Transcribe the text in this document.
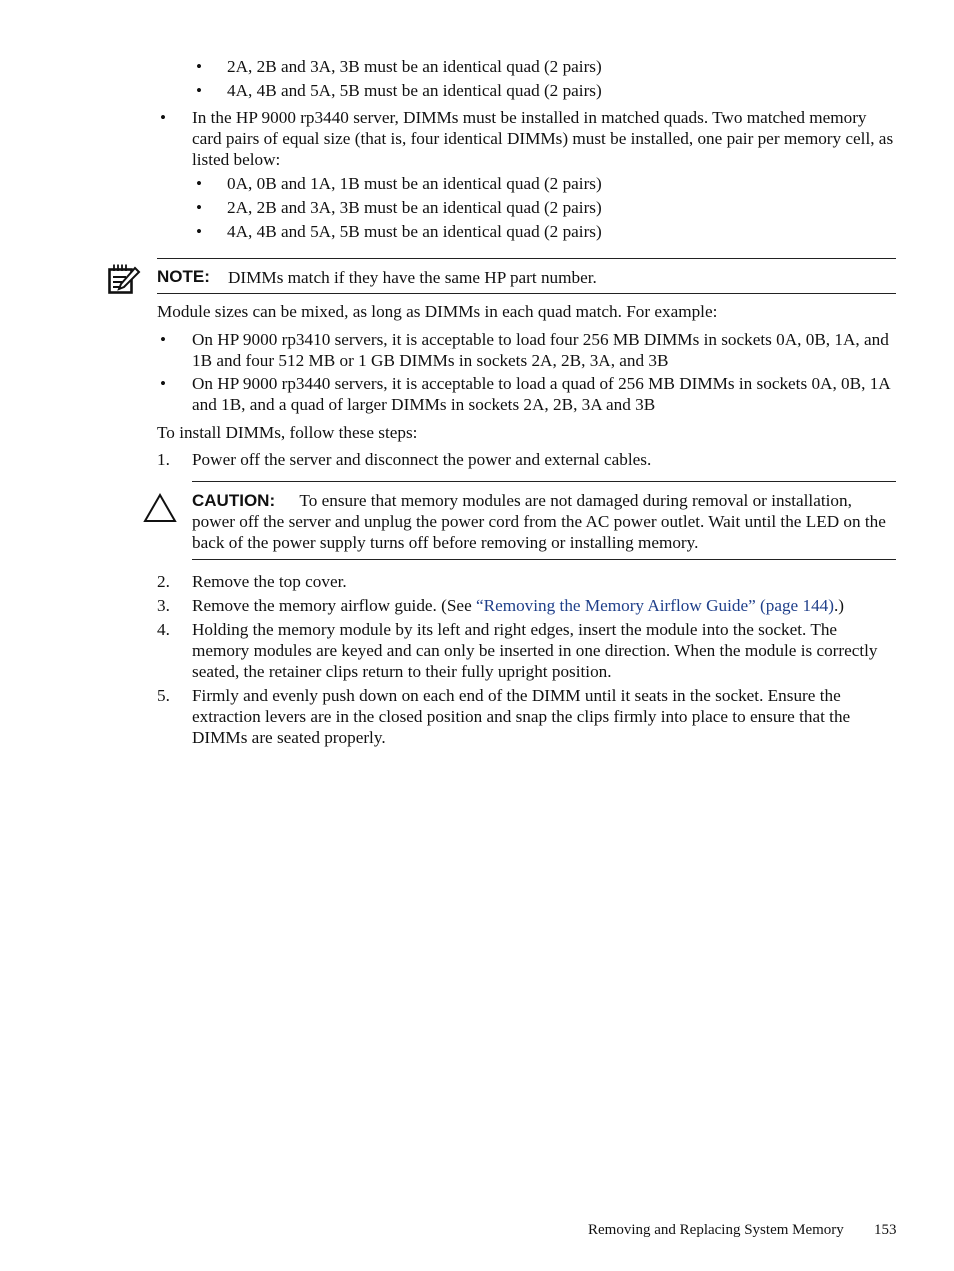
• 2A, 2B and 3A, 3B must be an identical quad (2 pairs)
• 4A, 4B and 5A, 5B must be an identical quad (2 pairs)
• In the HP 9000 rp3440 server, DIMMs must be installed in matched quads. Two matched memory card pairs of equal size (that is, four identical DIMMs) must be installed, one pair per memory cell, as listed below:
• 0A, 0B and 1A, 1B must be an identical quad (2 pairs)
• 2A, 2B and 3A, 3B must be an identical quad (2 pairs)
• 4A, 4B and 5A, 5B must be an identical quad (2 pairs)
NOTE: DIMMs match if they have the same HP part number.
Module sizes can be mixed, as long as DIMMs in each quad match. For example:
• On HP 9000 rp3410 servers, it is acceptable to load four 256 MB DIMMs in sockets 0A, 0B, 1A, and 1B and four 512 MB or 1 GB DIMMs in sockets 2A, 2B, 3A, and 3B
• On HP 9000 rp3440 servers, it is acceptable to load a quad of 256 MB DIMMs in sockets 0A, 0B, 1A and 1B, and a quad of larger DIMMs in sockets 2A, 2B, 3A and 3B
To install DIMMs, follow these steps:
1. Power off the server and disconnect the power and external cables.
CAUTION: To ensure that memory modules are not damaged during removal or installation, power off the server and unplug the power cord from the AC power outlet. Wait until the LED on the back of the power supply turns off before removing or installing memory.
2. Remove the top cover.
3. Remove the memory airflow guide. (See “Removing the Memory Airflow Guide” (page 144).)
4. Holding the memory module by its left and right edges, insert the module into the socket. The memory modules are keyed and can only be inserted in one direction. When the module is correctly seated, the retainer clips return to their fully upright position.
5. Firmly and evenly push down on each end of the DIMM until it seats in the socket. Ensure the extraction levers are in the closed position and snap the clips firmly into place to ensure that the DIMMs are seated properly.
Removing and Replacing System Memory 153
